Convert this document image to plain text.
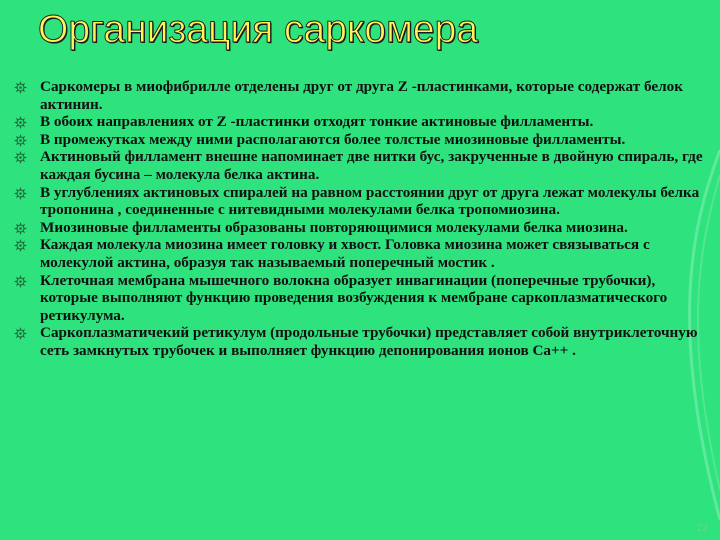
Организация саркомера
Саркомеры в миофибрилле отделены друг от друга Z -пластинками, которые содержат белок актинин.
В обоих направлениях от Z -пластинки отходят тонкие актиновые филламенты.
В промежутках между ними располагаются более толстые миозиновые филламенты.
Актиновый филламент внешне напоминает две нитки бус, закрученные в двойную спираль, где каждая бусина – молекула белка актина.
В углублениях актиновых спиралей на равном расстоянии друг от друга лежат молекулы белка тропонина , соединенные с нитевидными молекулами белка тропомиозина.
Миозиновые филламенты образованы повторяющимися молекулами белка миозина.
Каждая молекула миозина имеет головку и хвост. Головка миозина может связываться с молекулой актина, образуя так называемый поперечный мостик .
Клеточная мембрана мышечного волокна образует инвагинации (поперечные трубочки), которые выполняют функцию проведения возбуждения к мембране саркоплазматического ретикулума.
Саркоплазматичекий ретикулум (продольные трубочки) представляет собой внутриклеточную сеть замкнутых трубочек и выполняет функцию депонирования ионов Са++ .
22
